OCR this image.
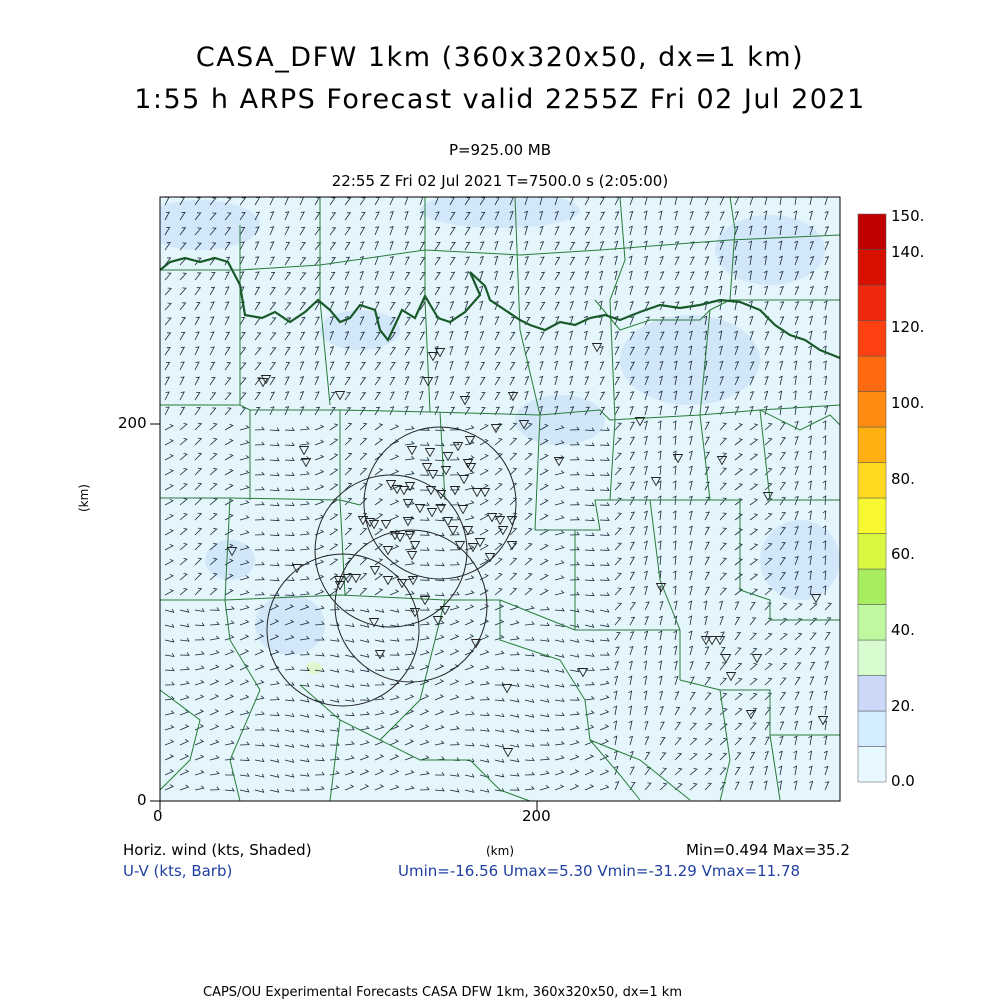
CASA_DFW 1km (360x320x50, dx=1 km)
1:55 h ARPS Forecast valid 2255Z Fri 02 Jul 2021
P=925.00 MB
22:55 Z Fri 02 Jul 2021 T=7500.0 s (2:05:00)
0	200
0
200
(km)
0.0
20.
40.
60.
80.
100.
120.
140.
150.
Horiz. wind (kts, Shaded)
U-V (kts, Barb)
(km)	Min=0.494 Max=35.2
Umin=-16.56 Umax=5.30 Vmin=-31.29 Vmax=11.78
CAPS/OU Experimental Forecasts CASA DFW 1km, 360x320x50, dx=1 km
